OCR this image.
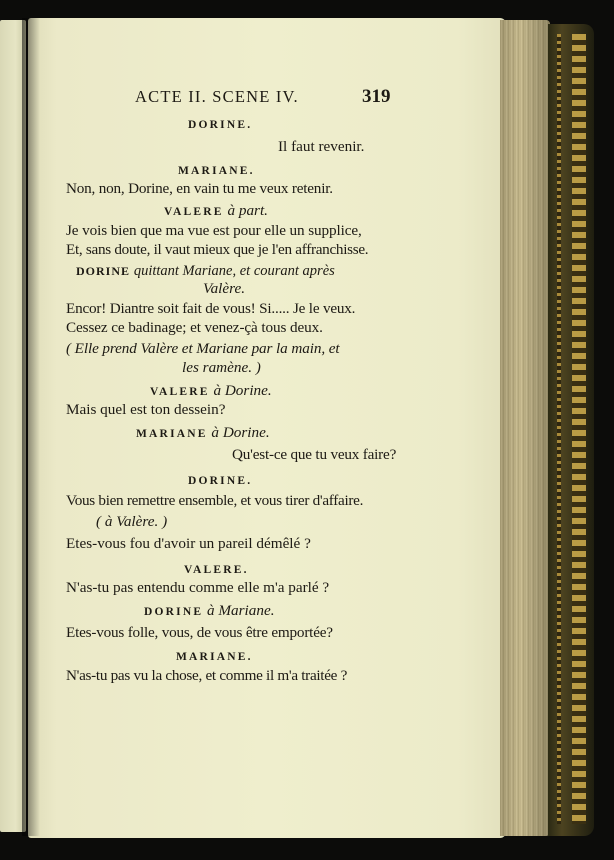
ACTE II. SCENE IV.	319
DORINE.
Il faut revenir.
MARIANE.
Non, non, Dorine, en vain tu me veux retenir.
VALERE à part.
Je vois bien que ma vue est pour elle un supplice,
Et, sans doute, il vaut mieux que je l'en affranchisse.
DORINE quittant Mariane, et courant après
Valère.
Encor! Diantre soit fait de vous! Si..... Je le veux.
Cessez ce badinage; et venez-çà tous deux.
( Elle prend Valère et Mariane par la main, et
les ramène. )
VALERE à Dorine.
Mais quel est ton dessein?
MARIANE à Dorine.
Qu'est-ce que tu veux faire?
DORINE.
Vous bien remettre ensemble, et vous tirer d'affaire.
( à Valère. )
Etes-vous fou d'avoir un pareil démêlé ?
VALERE.
N'as-tu pas entendu comme elle m'a parlé ?
DORINE à Mariane.
Etes-vous folle, vous, de vous être emportée?
MARIANE.
N'as-tu pas vu la chose, et comme il m'a traitée ?
